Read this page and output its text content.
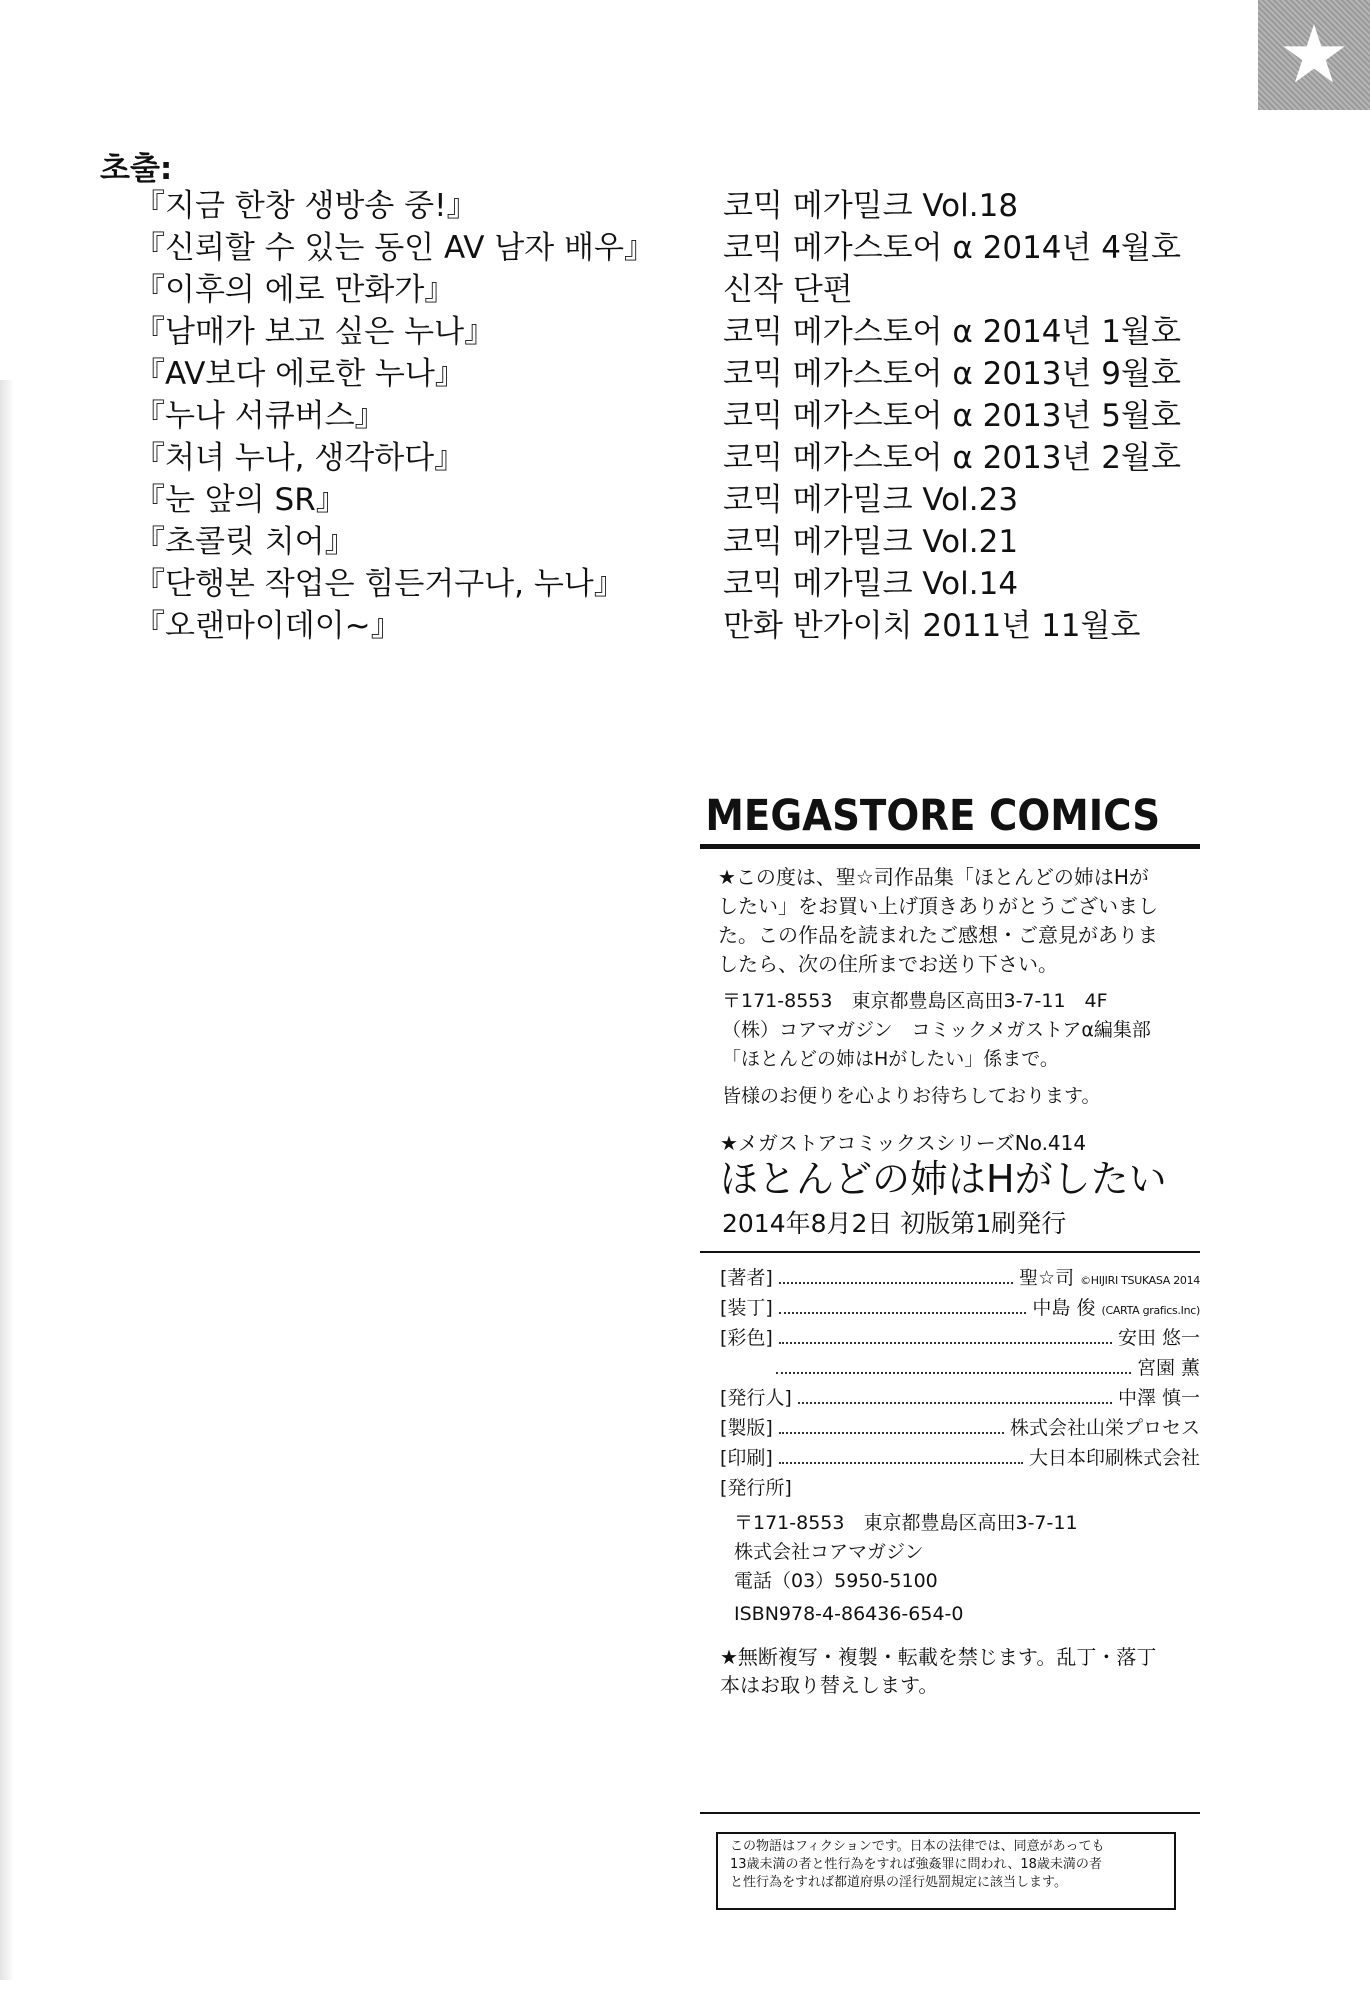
★
초출:
『지금 한창 생방송 중!』	코믹 메가밀크 Vol.18
『신뢰할 수 있는 동인 AV 남자 배우』 코믹 메가스토어 α 2014년 4월호
『이후의 에로 만화가』	신작 단편
『남매가 보고 싶은 누나』	코믹 메가스토어 α 2014년 1월호
『AV보다 에로한 누나』	코믹 메가스토어 α 2013년 9월호
『누나 서큐버스』	코믹 메가스토어 α 2013년 5월호
『처녀 누나, 생각하다』	코믹 메가스토어 α 2013년 2월호
『눈 앞의 SR』	코믹 메가밀크 Vol.23
『초콜릿 치어』	코믹 메가밀크 Vol.21
『단행본 작업은 힘든거구나, 누나』	코믹 메가밀크 Vol.14
『오랜마이데이~』	만화 반가이치 2011년 11월호
MEGASTORE COMICS

★この度は、聖☆司作品集「ほとんどの姉はHが

したい」をお買い上げ頂きありがとうございまし

た。この作品を読まれたご感想・ご意見がありま

したら、次の住所までお送り下さい。

〒171-8553　東京都豊島区高田3-7-11　4F
（株）コアマガジン　コミックメガストアα編集部
「ほとんどの姉はHがしたい」係まで。
皆様のお便りを心よりお待ちしております。
★メガストアコミックスシリーズNo.414
ほとんどの姉はHがしたい
2014年8月2日 初版第1刷発行
[著者]	聖☆司 ©HIJIRI TSUKASA 2014
[装丁]	中島 俊 (CARTA grafics.Inc)
[彩色]	安田 悠一
宮園 薫
[発行人]	中澤 慎一
[製版]	株式会社山栄プロセス
[印刷]	大日本印刷株式会社
[発行所]
〒171-8553　東京都豊島区高田3-7-11
株式会社コアマガジン
電話（03）5950-5100
ISBN978-4-86436-654-0
★無断複写・複製・転載を禁じます。乱丁・落丁
本はお取り替えします。
この物語はフィクションです。日本の法律では、同意があっても
13歳未満の者と性行為をすれば強姦罪に問われ、18歳未満の者
と性行為をすれば都道府県の淫行処罰規定に該当します。
